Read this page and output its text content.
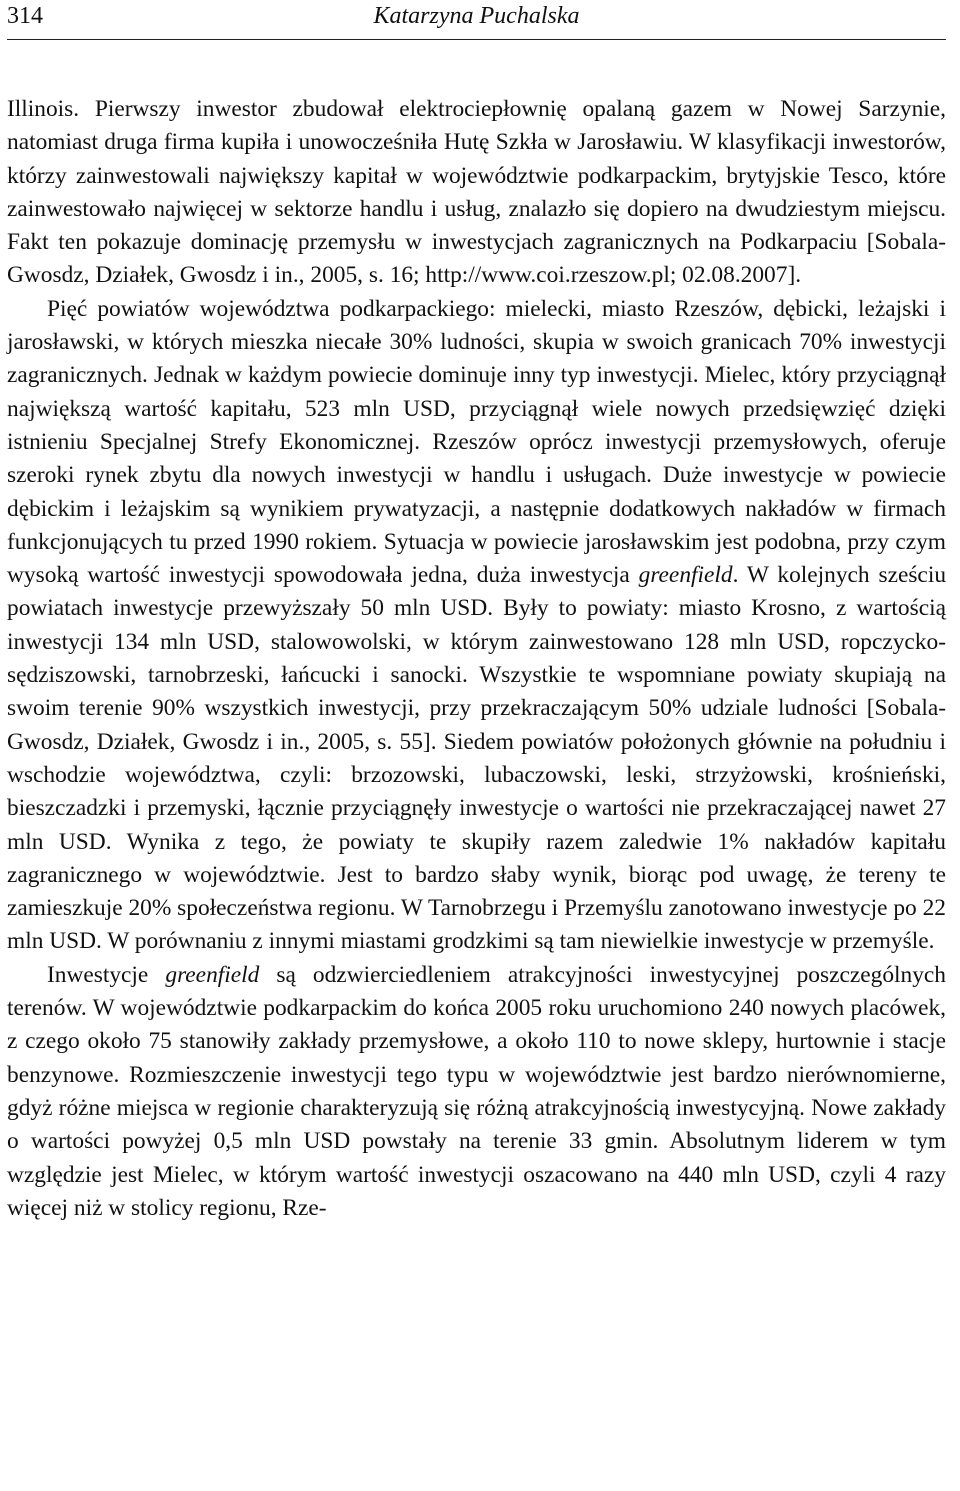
314	Katarzyna Puchalska

Illinois. Pierwszy inwestor zbudował elektrociepłownię opalaną gazem w Nowej Sarzynie, natomiast druga firma kupiła i unowocześniła Hutę Szkła w Jarosławiu. W klasyfikacji inwestorów, którzy zainwestowali największy kapitał w województwie podkarpackim, brytyjskie Tesco, które zainwestowało najwięcej w sektorze handlu i usług, znalazło się dopiero na dwudziestym miejscu. Fakt ten pokazuje dominację przemysłu w inwestycjach zagranicznych na Podkarpaciu [Sobala-Gwosdz, Działek, Gwosdz i in., 2005, s. 16; http://www.coi.rzeszow.pl; 02.08.2007].

Pięć powiatów województwa podkarpackiego: mielecki, miasto Rzeszów, dębicki, leżajski i jarosławski, w których mieszka niecałe 30% ludności, skupia w swoich granicach 70% inwestycji zagranicznych. Jednak w każdym powiecie dominuje inny typ inwestycji. Mielec, który przyciągnął największą wartość kapitału, 523 mln USD, przyciągnął wiele nowych przedsięwzięć dzięki istnieniu Specjalnej Strefy Ekonomicznej. Rzeszów oprócz inwestycji przemysłowych, oferuje szeroki rynek zbytu dla nowych inwestycji w handlu i usługach. Duże inwestycje w powiecie dębickim i leżajskim są wynikiem prywatyzacji, a następnie dodatkowych nakładów w firmach funkcjonujących tu przed 1990 rokiem. Sytuacja w powiecie jarosławskim jest podobna, przy czym wysoką wartość inwestycji spowodowała jedna, duża inwestycja greenfield. W kolejnych sześciu powiatach inwestycje przewyższały 50 mln USD. Były to powiaty: miasto Krosno, z wartością inwestycji 134 mln USD, stalowowolski, w którym zainwestowano 128 mln USD, ropczycko-sędziszowski, tarnobrzeski, łańcucki i sanocki. Wszystkie te wspomniane powiaty skupiają na swoim terenie 90% wszystkich inwestycji, przy przekraczającym 50% udziale ludności [Sobala-Gwosdz, Działek, Gwosdz i in., 2005, s. 55]. Siedem powiatów położonych głównie na południu i wschodzie województwa, czyli: brzozowski, lubaczowski, leski, strzyżowski, krośnieński, bieszczadzki i przemyski, łącznie przyciągnęły inwestycje o wartości nie przekraczającej nawet 27 mln USD. Wynika z tego, że powiaty te skupiły razem zaledwie 1% nakładów kapitału zagranicznego w województwie. Jest to bardzo słaby wynik, biorąc pod uwagę, że tereny te zamieszkuje 20% społeczeństwa regionu. W Tarnobrzegu i Przemyślu zanotowano inwestycje po 22 mln USD. W porównaniu z innymi miastami grodzkimi są tam niewielkie inwestycje w przemyśle.

Inwestycje greenfield są odzwierciedleniem atrakcyjności inwestycyjnej poszczególnych terenów. W województwie podkarpackim do końca 2005 roku uruchomiono 240 nowych placówek, z czego około 75 stanowiły zakłady przemysłowe, a około 110 to nowe sklepy, hurtownie i stacje benzynowe. Rozmieszczenie inwestycji tego typu w województwie jest bardzo nierównomierne, gdyż różne miejsca w regionie charakteryzują się różną atrakcyjnością inwestycyjną. Nowe zakłady o wartości powyżej 0,5 mln USD powstały na terenie 33 gmin. Absolutnym liderem w tym względzie jest Mielec, w którym wartość inwestycji oszacowano na 440 mln USD, czyli 4 razy więcej niż w stolicy regionu, Rze-
